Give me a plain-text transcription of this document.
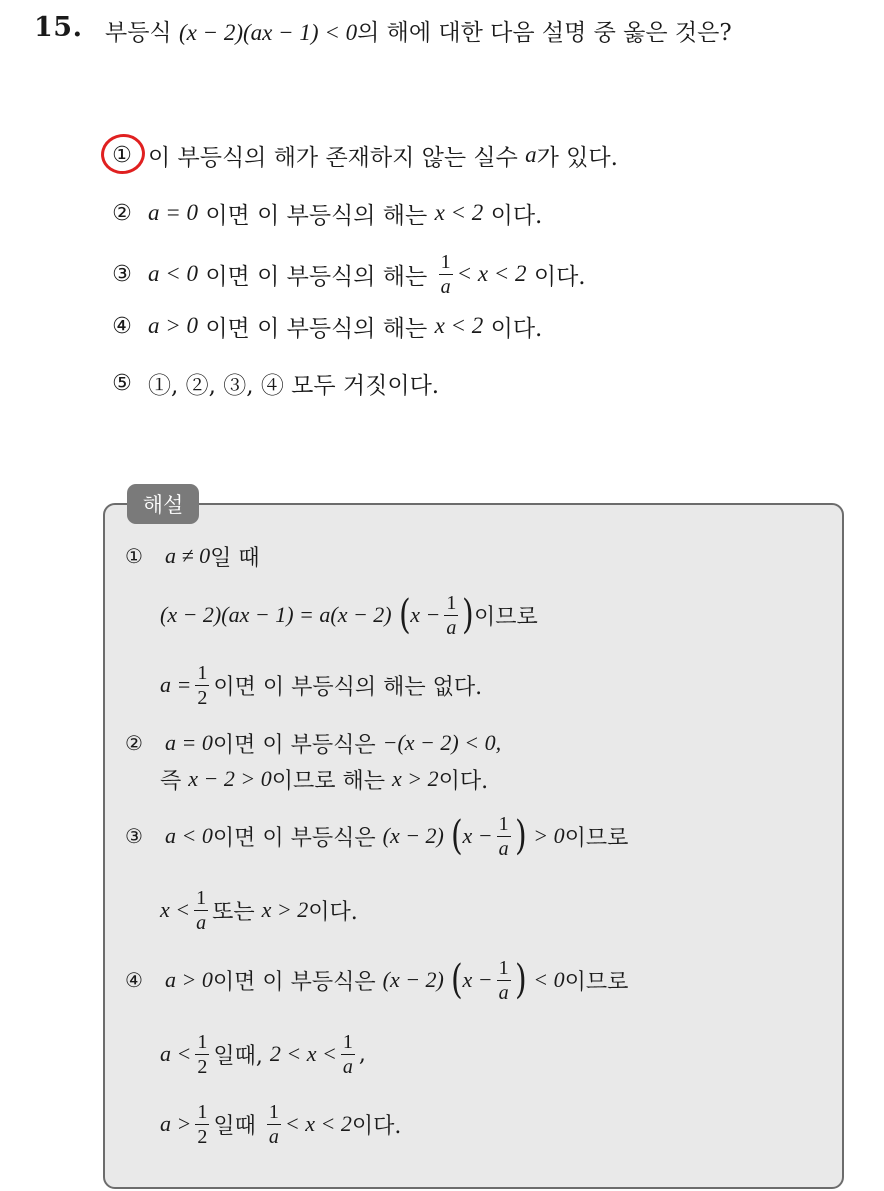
15. 부등식 (x − 2)(ax − 1) < 0의 해에 대한 다음 설명 중 옳은 것은?
① 이 부등식의 해가 존재하지 않는 실수
a 가 있다.
② a = 0
이면 이 부등식의 해는
x < 2
이다.
③ a < 0
이면 이 부등식의 해는
$\frac{1}{a} < x < 2$
이다.
④ a > 0
이면 이 부등식의 해는
x < 2
이다.
⑤ ①, ②, ③, ④ 모두 거짓이다.
해설
① a ≠ 0 일 때
(x − 2)(ax − 1) = a(x − 2)
( $x - \frac{1}{a}$ ) 이므로
$a = \frac{1}{2}$ 이면 이 부등식의 해는 없다.
② a = 0 이면 이 부등식은
−(x − 2) < 0,
즉
x − 2 > 0 이므로 해는
x > 2 이다.
③ a < 0 이면 이 부등식은
(x − 2)
( $x - \frac{1}{a}$ )
> 0 이므로
$x < \frac{1}{a}$ 또는
x > 2 이다.
④ a > 0 이면 이 부등식은
(x − 2)
( $x - \frac{1}{a}$ )
< 0 이므로
$a < \frac{1}{2}$ 일때,
$2 < x < \frac{1}{a}$ ,
$a > \frac{1}{2}$ 일때
$\frac{1}{a} < x < 2$ 이다.
